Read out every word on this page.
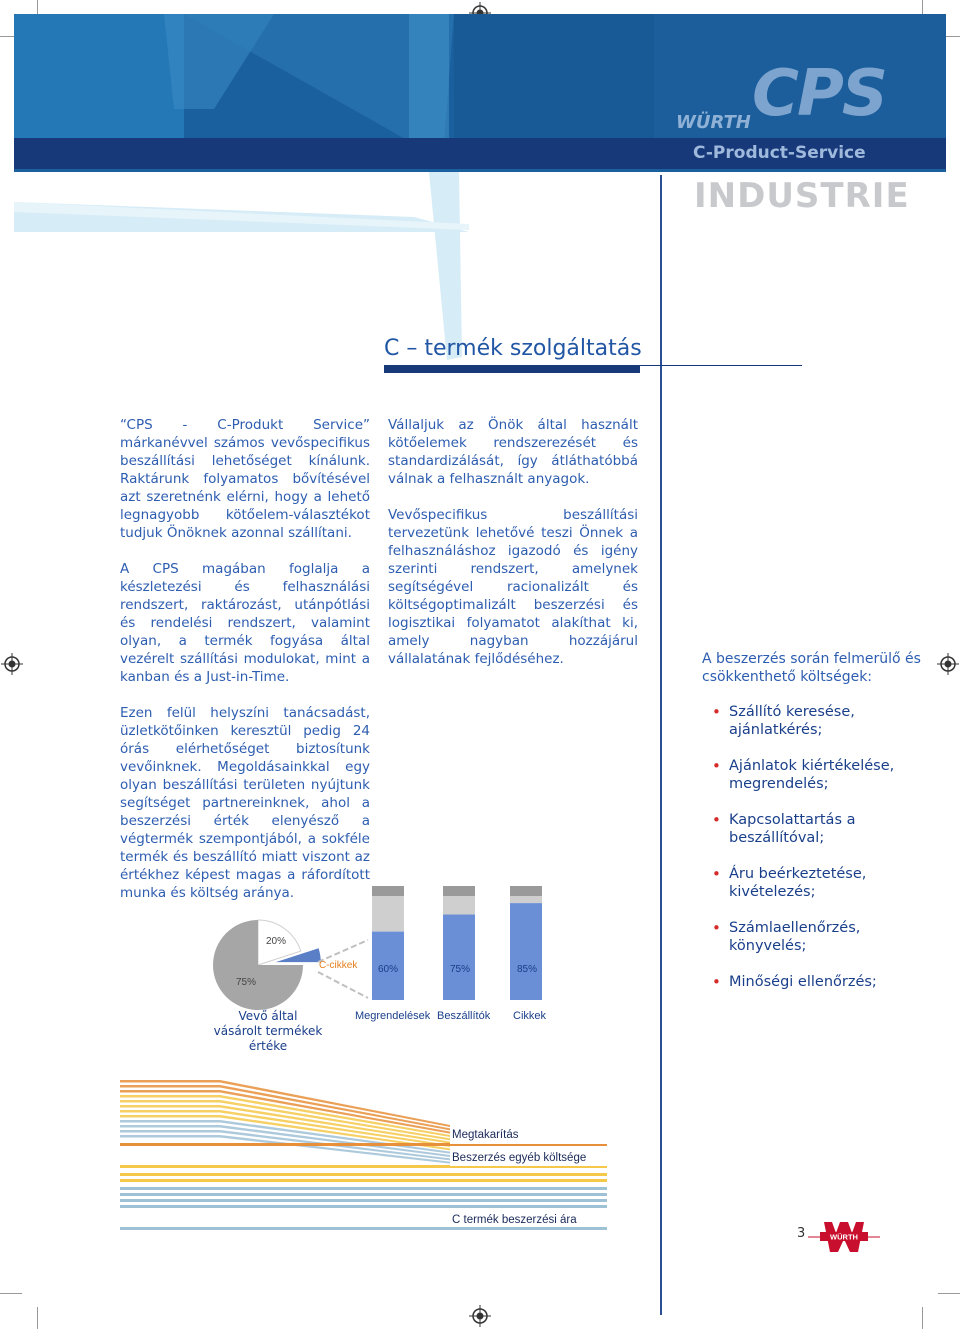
WÜRTH CPS
C-Product-Service
INDUSTRIE
C – termék szolgáltatás

“CPS - C-Produkt Service” márkanévvel számos vevőspecifikus beszállítási lehetőséget kínálunk. Raktárunk folyamatos bővítésével azt szeretnénk elérni, hogy a lehető legnagyobb kötőelem-választékot tudjuk Önöknek azonnal szállítani.

A CPS magában foglalja a készletezési és felhasználási rendszert, raktározást, utánpótlási és rendelési rendszert, valamint olyan, a termék fogyása által vezérelt szállítási modulokat, mint a kanban és a Just-in-Time.

Ezen felül helyszíni tanácsadást, üzletkötőinken keresztül pedig 24 órás elérhetőséget biztosítunk vevőinknek. Megoldásainkkal egy olyan beszállítási területen nyújtunk segítséget partnereinknek, ahol a beszerzési érték elenyésző a végtermék szempontjából, a sokféle termék és beszállító miatt viszont az értékhez képest magas a ráfordított munka és költség aránya.

Vállaljuk az Önök által használt kötőelemek rendszerezését és standardizálását, így átláthatóbbá válnak a felhasznált anyagok.

Vevőspecifikus beszállítási tervezetünk lehetővé teszi Önnek a felhasználáshoz igazodó és igény szerinti rendszert, amelynek segítségével racionalizált és költségoptimalizált beszerzési és logisztikai folyamatot alakíthat ki, amely nagyban hozzájárul vállalatának fejlődéséhez.	A beszerzés során felmerülő és csökkenthető költségek:
• Szállító keresése, ajánlatkérés;
• Ajánlatok kiértékelése, megrendelés;
• Kapcsolattartás a beszállítóval;
• Áru beérkeztetése, kivételezés;
• Számlaellenőrzés, könyvelés;
• Minőségi ellenőrzés;
20%
75%
C-cikkek 60%	75%	85%
Megrendelések Beszállítók Cikkek
Vevő által vásárolt termékek értéke
Megtakarítás
Beszerzés egyéb költsége
C termék beszerzési ára
3	WÜRTH
